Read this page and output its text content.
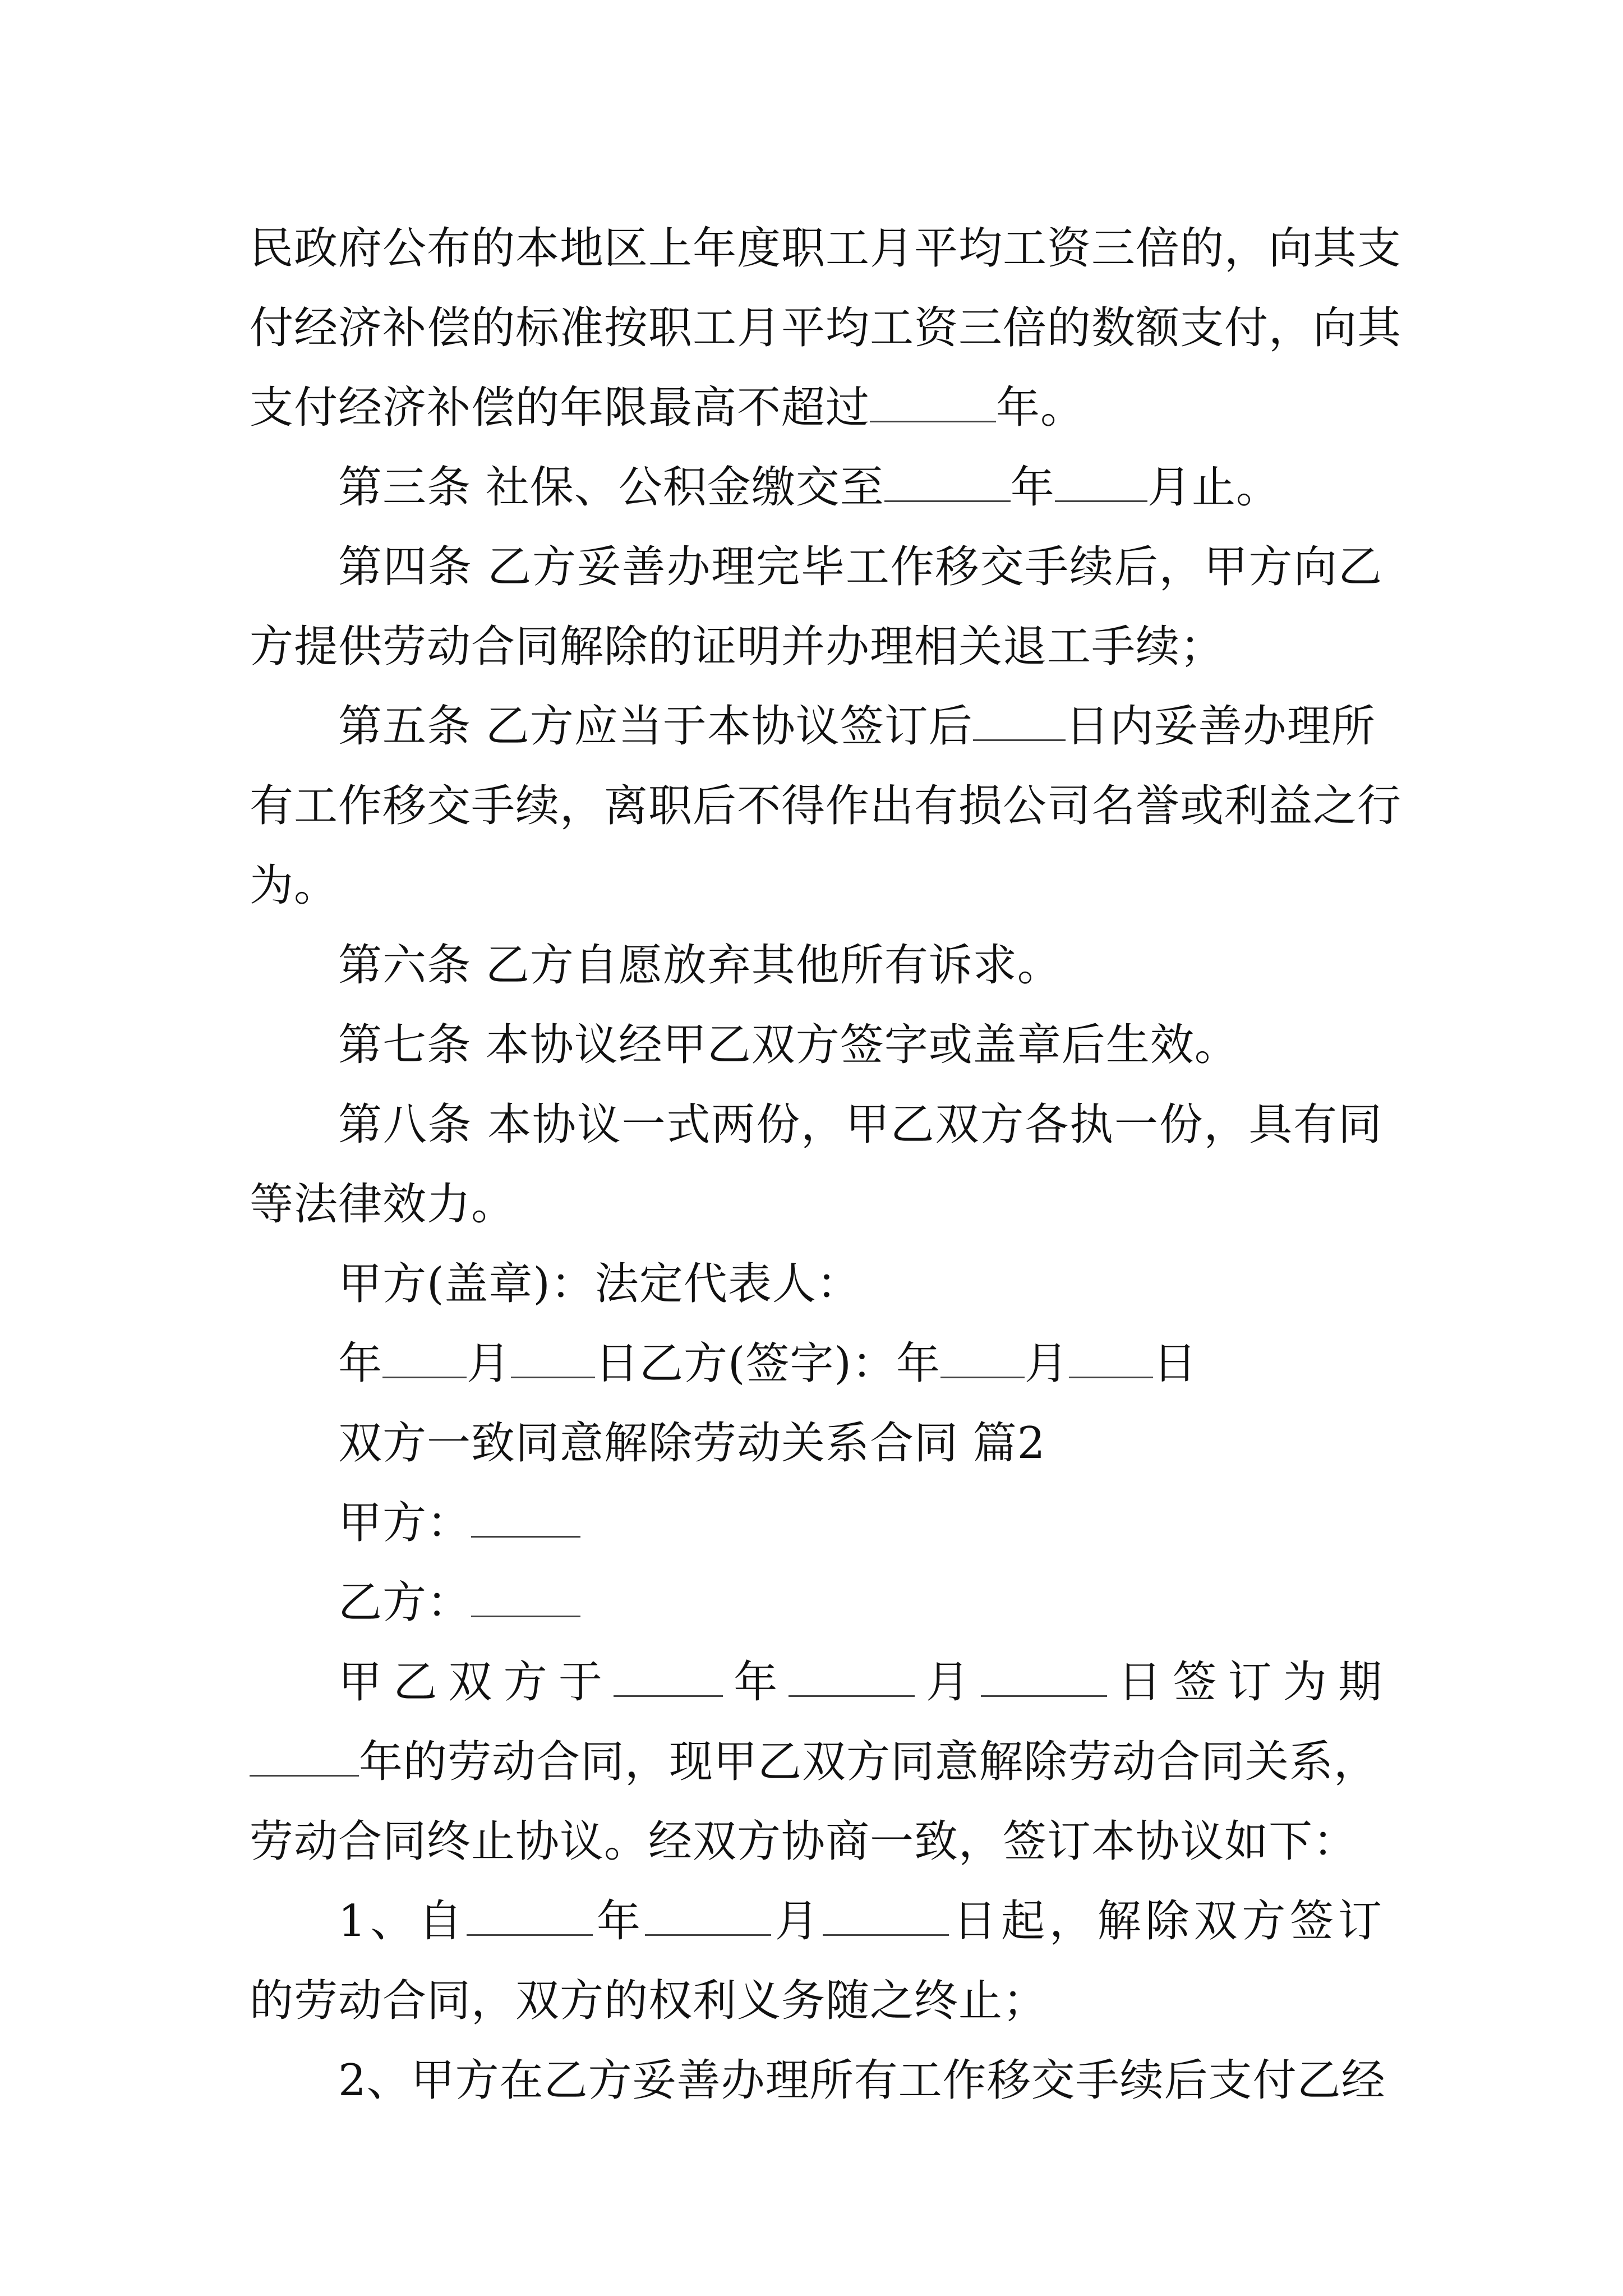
民政府公布的本地区上年度职工月平均工资三倍的，向其支
付经济补偿的标准按职工月平均工资三倍的数额支付，向其
支付经济补偿的年限最高不超过	年。
第三条 社保、公积金缴交至	年 月止。
第四条 乙方妥善办理完毕工作移交手续后，甲方向乙
方提供劳动合同解除的证明并办理相关退工手续；
第五条 乙方应当于本协议签订后 日内妥善办理所
有工作移交手续，离职后不得作出有损公司名誉或利益之行
为。
第六条 乙方自愿放弃其他所有诉求。
第七条 本协议经甲乙双方签字或盖章后生效。
第八条 本协议一式两份，甲乙双方各执一份，具有同
等法律效力。
甲方(盖章)：法定代表人：
年 月 日乙方(签字)：年 月 日
双方一致同意解除劳动关系合同 篇2
甲方：
乙方：
甲乙双方于	年	月	日签订为期
年的劳动合同，现甲乙双方同意解除劳动合同关系，
劳动合同终止协议。经双方协商一致，签订本协议如下：
1、自	年	月	日起，解除双方签订
的劳动合同，双方的权利义务随之终止；
2、甲方在乙方妥善办理所有工作移交手续后支付乙经
